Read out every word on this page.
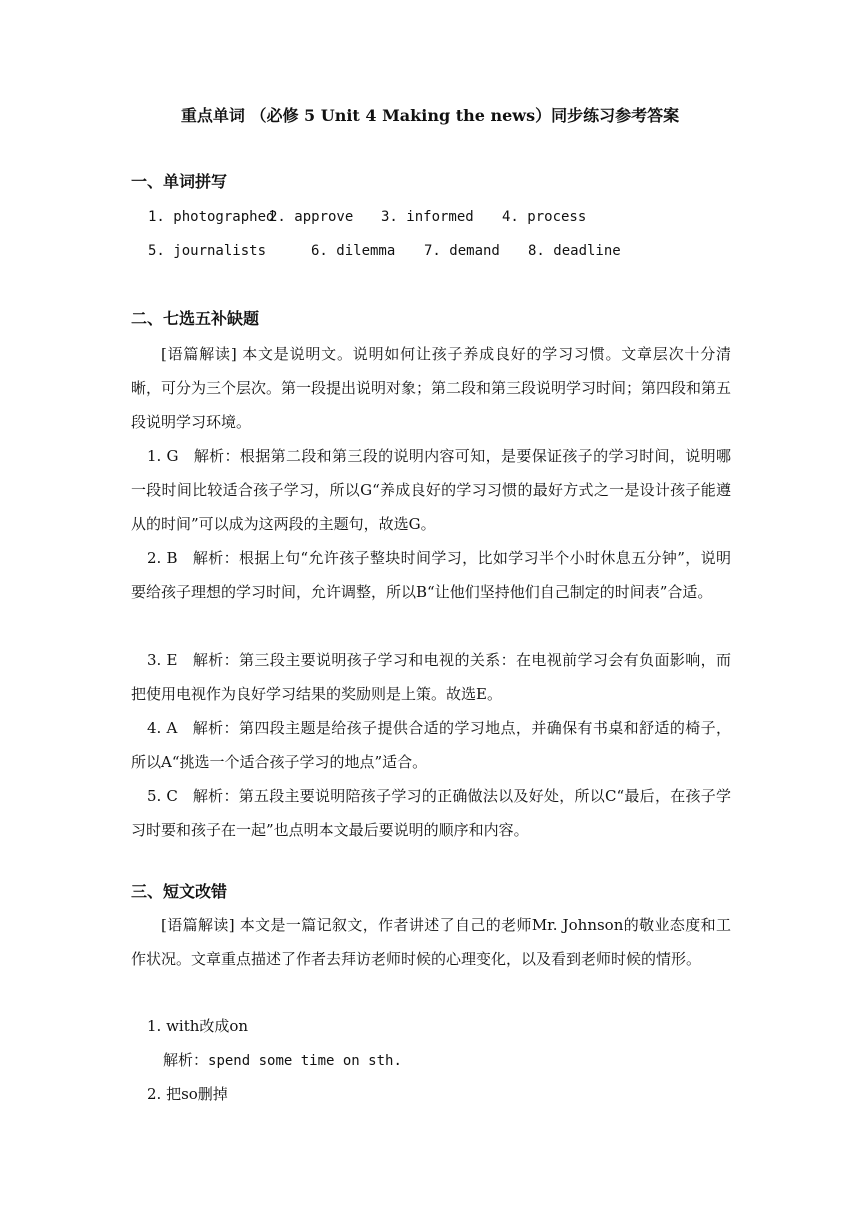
重点单词 （必修 5 Unit 4 Making the news）同步练习参考答案
一、单词拼写
1. photographed2. approve 3. informed 4. process
5. journalists	6. dilemma 7. demand 8. deadline
二、七选五补缺题
[语篇解读] 本文是说明文。说明如何让孩子养成良好的学习习惯。文章层次十分清晰，可分为三个层次。第一段提出说明对象；第二段和第三段说明学习时间；第四段和第五段说明学习环境。
1. G 解析：根据第二段和第三段的说明内容可知，是要保证孩子的学习时间，说明哪一段时间比较适合孩子学习，所以G“养成良好的学习习惯的最好方式之一是设计孩子能遵从的时间”可以成为这两段的主题句，故选G。
2. B 解析：根据上句“允许孩子整块时间学习，比如学习半个小时休息五分钟”，说明要给孩子理想的学习时间，允许调整，所以B“让他们坚持他们自己制定的时间表”合适。
3. E 解析：第三段主要说明孩子学习和电视的关系：在电视前学习会有负面影响，而把使用电视作为良好学习结果的奖励则是上策。故选E。
4. A 解析：第四段主题是给孩子提供合适的学习地点，并确保有书桌和舒适的椅子，所以A“挑选一个适合孩子学习的地点”适合。
5. C 解析：第五段主要说明陪孩子学习的正确做法以及好处，所以C“最后，在孩子学习时要和孩子在一起”也点明本文最后要说明的顺序和内容。
三、短文改错
[语篇解读] 本文是一篇记叙文，作者讲述了自己的老师Mr. Johnson的敬业态度和工作状况。文章重点描述了作者去拜访老师时候的心理变化，以及看到老师时候的情形。
1. with改成on
解析：spend some time on sth.
2. 把so删掉
